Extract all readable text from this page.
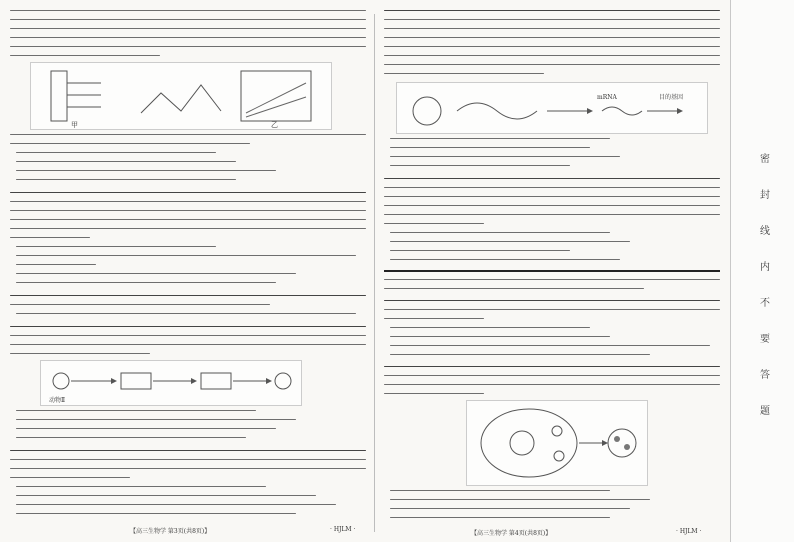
甲	乙
动物Ⅱ
【高三生物学 第3页(共8页)】	· HJLM ·
mRNA	目的基因
【高三生物学 第4页(共8页)】	· HJLM ·
密
封
线
内
不
要
答
题
